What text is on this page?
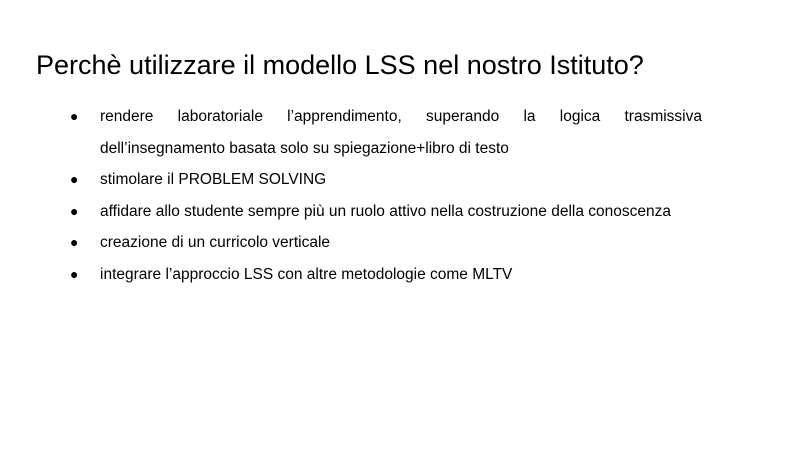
Perchè utilizzare il modello LSS nel nostro Istituto?
● rendere laboratoriale l’apprendimento, superando la logica trasmissiva dell’insegnamento basata solo su spiegazione+libro di testo
● stimolare il PROBLEM SOLVING
● affidare allo studente sempre più un ruolo attivo nella costruzione della conoscenza
● creazione di un curricolo verticale
● integrare l’approccio LSS con altre metodologie come MLTV
